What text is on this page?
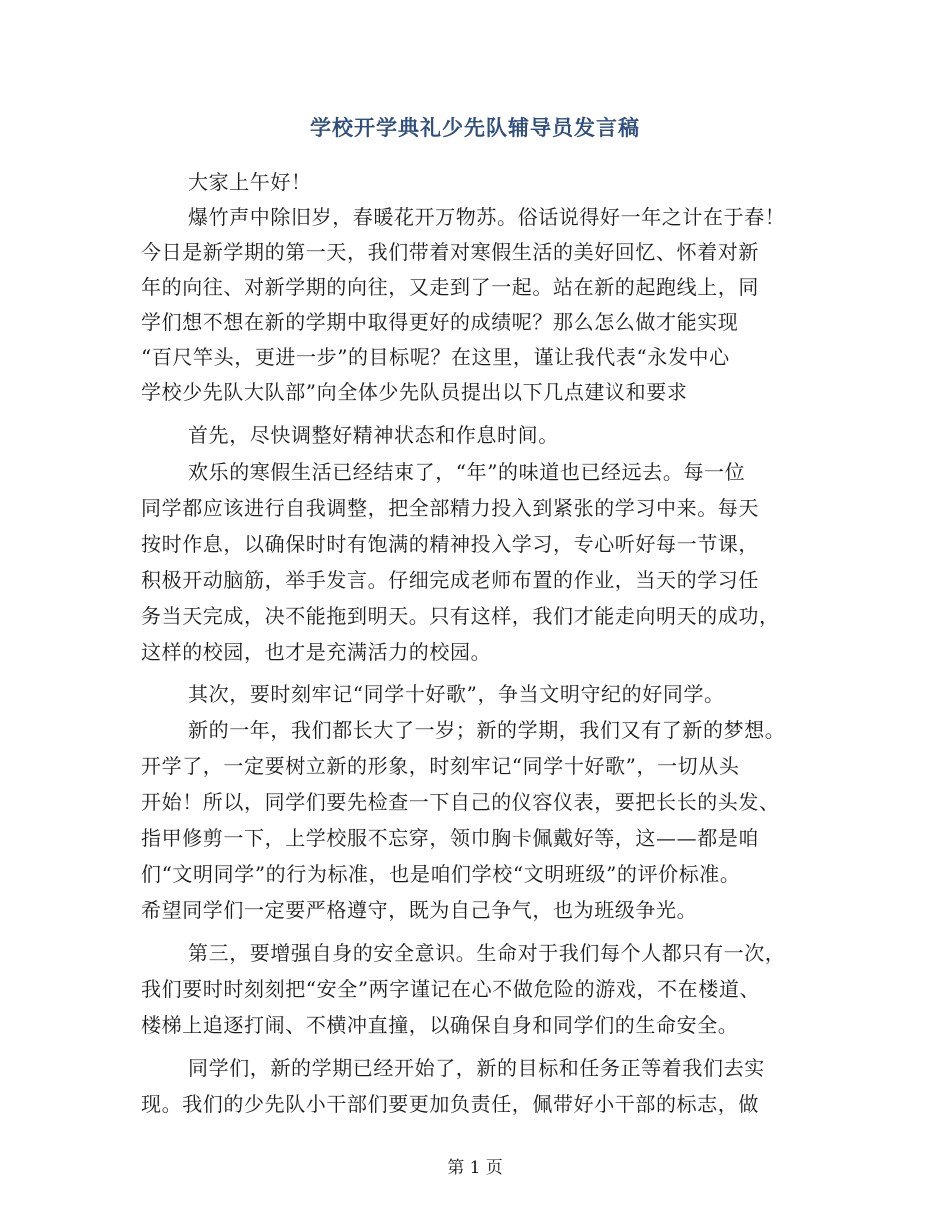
学校开学典礼少先队辅导员发言稿
大家上午好！
爆竹声中除旧岁，春暖花开万物苏。俗话说得好一年之计在于春！
今日是新学期的第一天，我们带着对寒假生活的美好回忆、怀着对新
年的向往、对新学期的向往，又走到了一起。站在新的起跑线上，同
学们想不想在新的学期中取得更好的成绩呢？那么怎么做才能实现
“百尺竿头，更进一步”的目标呢？在这里，谨让我代表“永发中心
学校少先队大队部”向全体少先队员提出以下几点建议和要求
首先，尽快调整好精神状态和作息时间。
欢乐的寒假生活已经结束了，“年”的味道也已经远去。每一位
同学都应该进行自我调整，把全部精力投入到紧张的学习中来。每天
按时作息，以确保时时有饱满的精神投入学习，专心听好每一节课，
积极开动脑筋，举手发言。仔细完成老师布置的作业，当天的学习任
务当天完成，决不能拖到明天。只有这样，我们才能走向明天的成功，
这样的校园，也才是充满活力的校园。
其次，要时刻牢记“同学十好歌”，争当文明守纪的好同学。
新的一年，我们都长大了一岁；新的学期，我们又有了新的梦想。
开学了，一定要树立新的形象，时刻牢记“同学十好歌”，一切从头
开始！所以，同学们要先检查一下自己的仪容仪表，要把长长的头发、
指甲修剪一下，上学校服不忘穿，领巾胸卡佩戴好等，这——都是咱
们“文明同学”的行为标准，也是咱们学校“文明班级”的评价标准。
希望同学们一定要严格遵守，既为自己争气，也为班级争光。
第三，要增强自身的安全意识。生命对于我们每个人都只有一次，
我们要时时刻刻把“安全”两字谨记在心不做危险的游戏，不在楼道、
楼梯上追逐打闹、不横冲直撞，以确保自身和同学们的生命安全。
同学们，新的学期已经开始了，新的目标和任务正等着我们去实
现。我们的少先队小干部们要更加负责任，佩带好小干部的标志，做
第 1 页
